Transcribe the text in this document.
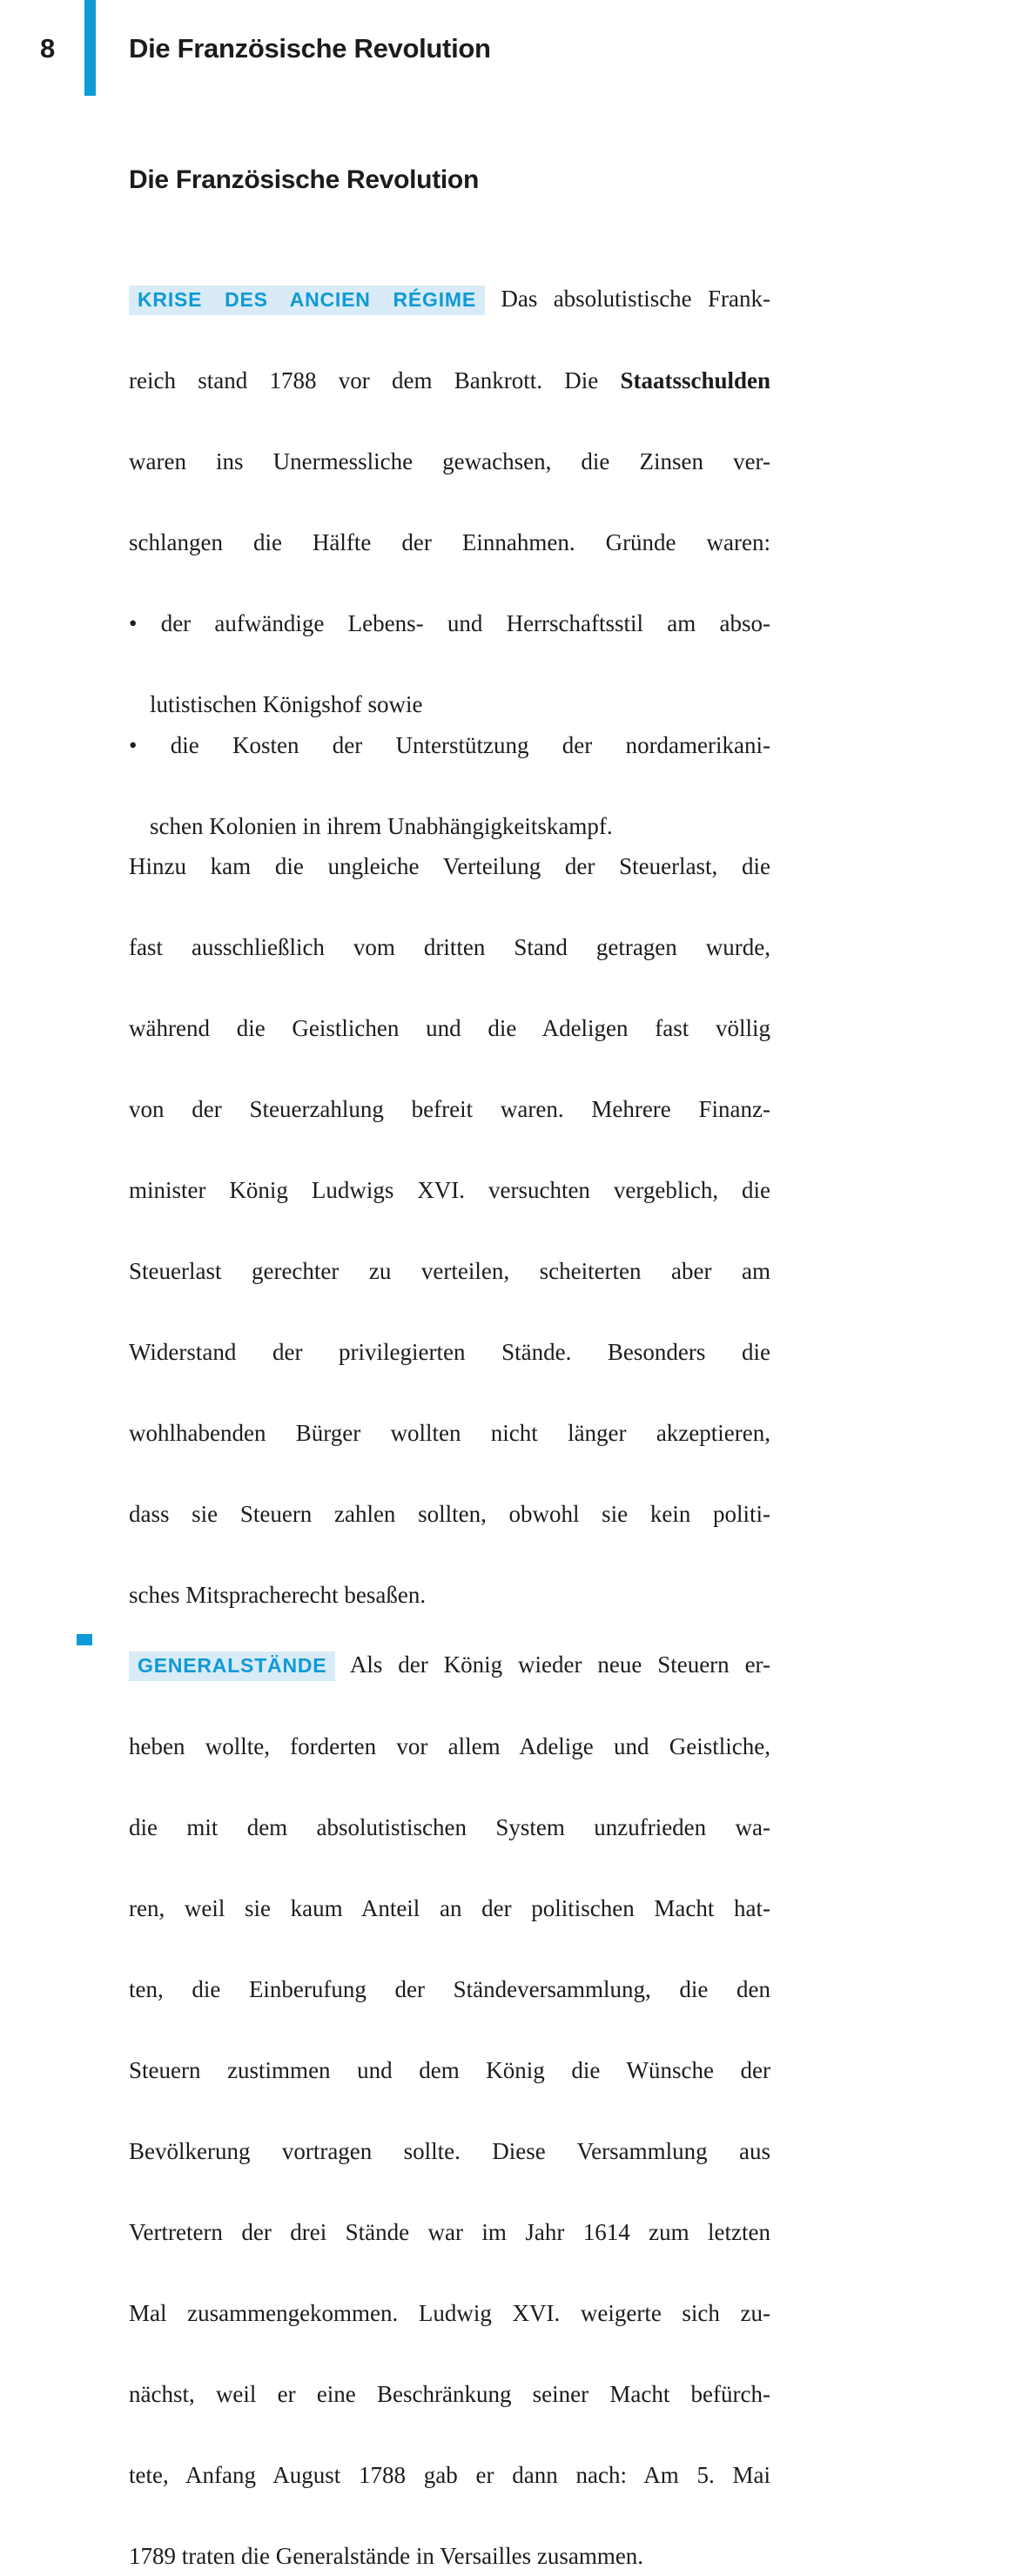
8	Die Französische Revolution
Die Französische Revolution
KRISE DES ANCIEN RÉGIME Das absolutistische Frank-
reich stand 1788 vor dem Bankrott. Die Staatsschulden
waren ins Unermessliche gewachsen, die Zinsen ver-
schlangen die Hälfte der Einnahmen. Gründe waren:
• der aufwändige Lebens- und Herrschaftsstil am abso-
lutistischen Königshof sowie
• die Kosten der Unterstützung der nordamerikani-
schen Kolonien in ihrem Unabhängigkeitskampf.
Hinzu kam die ungleiche Verteilung der Steuerlast, die
fast ausschließlich vom dritten Stand getragen wurde,
während die Geistlichen und die Adeligen fast völlig
von der Steuerzahlung befreit waren. Mehrere Finanz-
minister König Ludwigs XVI. versuchten vergeblich, die
Steuerlast gerechter zu verteilen, scheiterten aber am
Widerstand der privilegierten Stände. Besonders die
wohlhabenden Bürger wollten nicht länger akzeptieren,
dass sie Steuern zahlen sollten, obwohl sie kein politi-
sches Mitspracherecht besaßen.
GENERALSTÄNDE Als der König wieder neue Steuern er-
heben wollte, forderten vor allem Adelige und Geistliche,
die mit dem absolutistischen System unzufrieden wa-
ren, weil sie kaum Anteil an der politischen Macht hat-
ten, die Einberufung der Ständeversammlung, die den
Steuern zustimmen und dem König die Wünsche der
Bevölkerung vortragen sollte. Diese Versammlung aus
Vertretern der drei Stände war im Jahr 1614 zum letzten
Mal zusammengekommen. Ludwig XVI. weigerte sich zu-
nächst, weil er eine Beschränkung seiner Macht befürch-
tete, Anfang August 1788 gab er dann nach: Am 5. Mai
1789 traten die Generalstände in Versailles zusammen.
